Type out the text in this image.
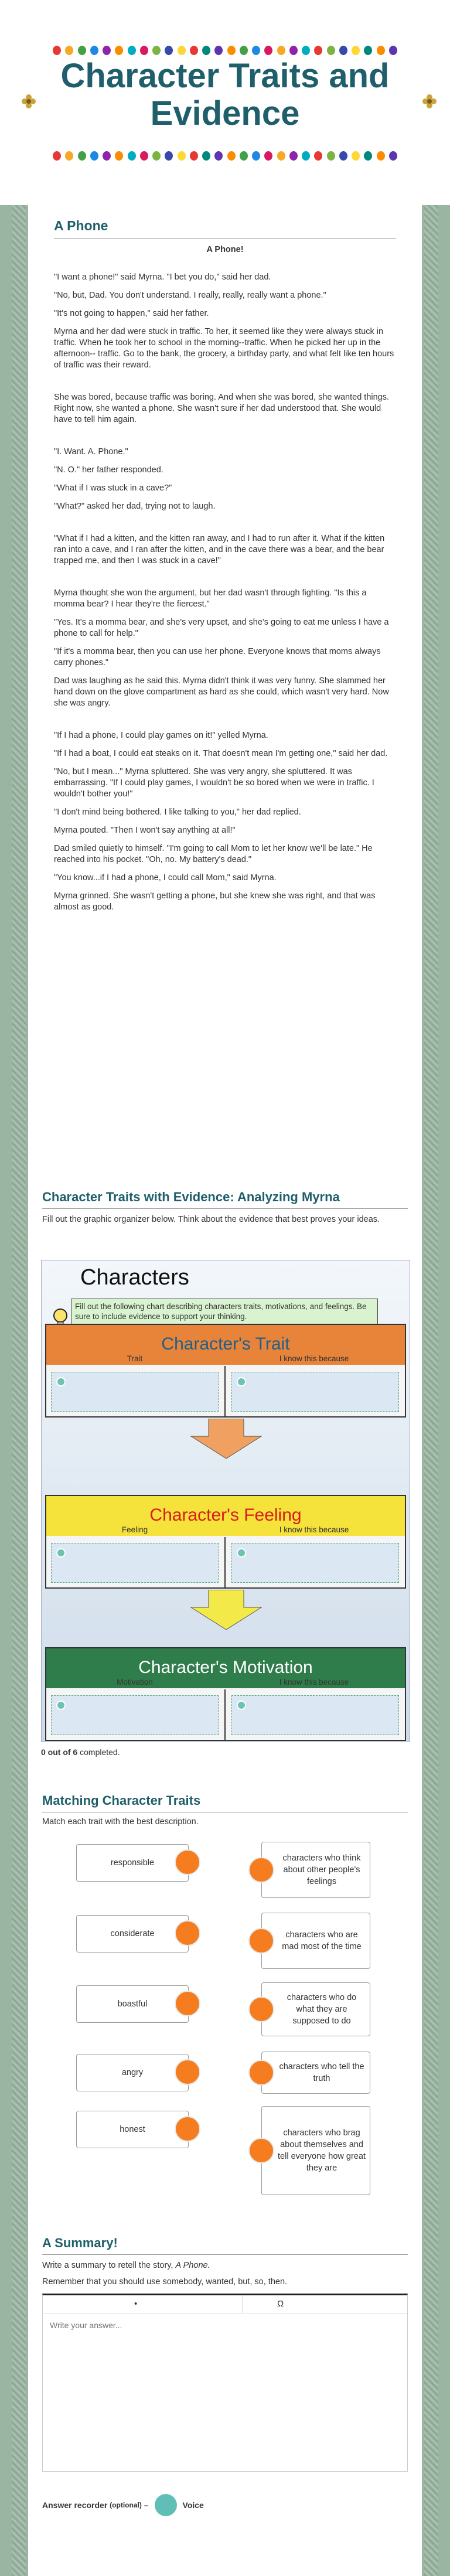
Character Traits and Evidence
A Phone
A Phone!

"I want a phone!" said Myrna. "I bet you do," said her dad.

"No, but, Dad. You don't understand. I really, really, really want a phone."

"It's not going to happen," said her father.

Myrna and her dad were stuck in traffic. To her, it seemed like they were always stuck in traffic. When he took her to school in the morning--traffic. When he picked her up in the afternoon-- traffic. Go to the bank, the grocery, a birthday party, and what felt like ten hours of traffic was their reward.

She was bored, because traffic was boring. And when she was bored, she wanted things. Right now, she wanted a phone. She wasn't sure if her dad understood that. She would have to tell him again.

"I. Want. A. Phone."

"N. O." her father responded.

"What if I was stuck in a cave?"

"What?" asked her dad, trying not to laugh.

"What if I had a kitten, and the kitten ran away, and I had to run after it. What if the kitten ran into a cave, and I ran after the kitten, and in the cave there was a bear, and the bear trapped me, and then I was stuck in a cave!"

Myrna thought she won the argument, but her dad wasn't through fighting. "Is this a momma bear? I hear they're the fiercest."

"Yes. It's a momma bear, and she's very upset, and she's going to eat me unless I have a phone to call for help."

"If it's a momma bear, then you can use her phone. Everyone knows that moms always carry phones."

Dad was laughing as he said this. Myrna didn't think it was very funny. She slammed her hand down on the glove compartment as hard as she could, which wasn't very hard. Now she was angry.

"If I had a phone, I could play games on it!" yelled Myrna.

"If I had a boat, I could eat steaks on it. That doesn't mean I'm getting one," said her dad.

"No, but I mean..." Myrna spluttered. She was very angry, she spluttered. It was embarrassing. "If I could play games, I wouldn't be so bored when we were in traffic. I wouldn't bother you!"

"I don't mind being bothered. I like talking to you," her dad replied.

Myrna pouted. "Then I won't say anything at all!"

Dad smiled quietly to himself. "I'm going to call Mom to let her know we'll be late." He reached into his pocket. "Oh, no. My battery's dead."

"You know...if I had a phone, I could call Mom," said Myrna.

Myrna grinned. She wasn't getting a phone, but she knew she was right, and that was almost as good.

Character Traits with Evidence: Analyzing Myrna
Fill out the graphic organizer below. Think about the evidence that best proves your ideas.
Characters
Fill out the following chart describing characters traits, motivations, and feelings. Be sure to include evidence to support your thinking.
Character's Trait
Trait	I know this because
Character's Feeling
Feeling	I know this because
Character's Motivation
Motivation	I know this because
0 out of 6 completed.
Matching Character Traits
Match each trait with the best description.
responsible
considerate
boastful
angry
honest
characters who think about other people's feelings
characters who are mad most of the time
characters who do what they are supposed to do
characters who tell the truth
characters who brag about themselves and tell everyone how great they are
A Summary!
Write a summary to retell the story, A Phone.
Remember that you should use somebody, wanted, but, so, then.
•	Ω
Write your answer...
Answer recorder
(optional)
–	Voice
